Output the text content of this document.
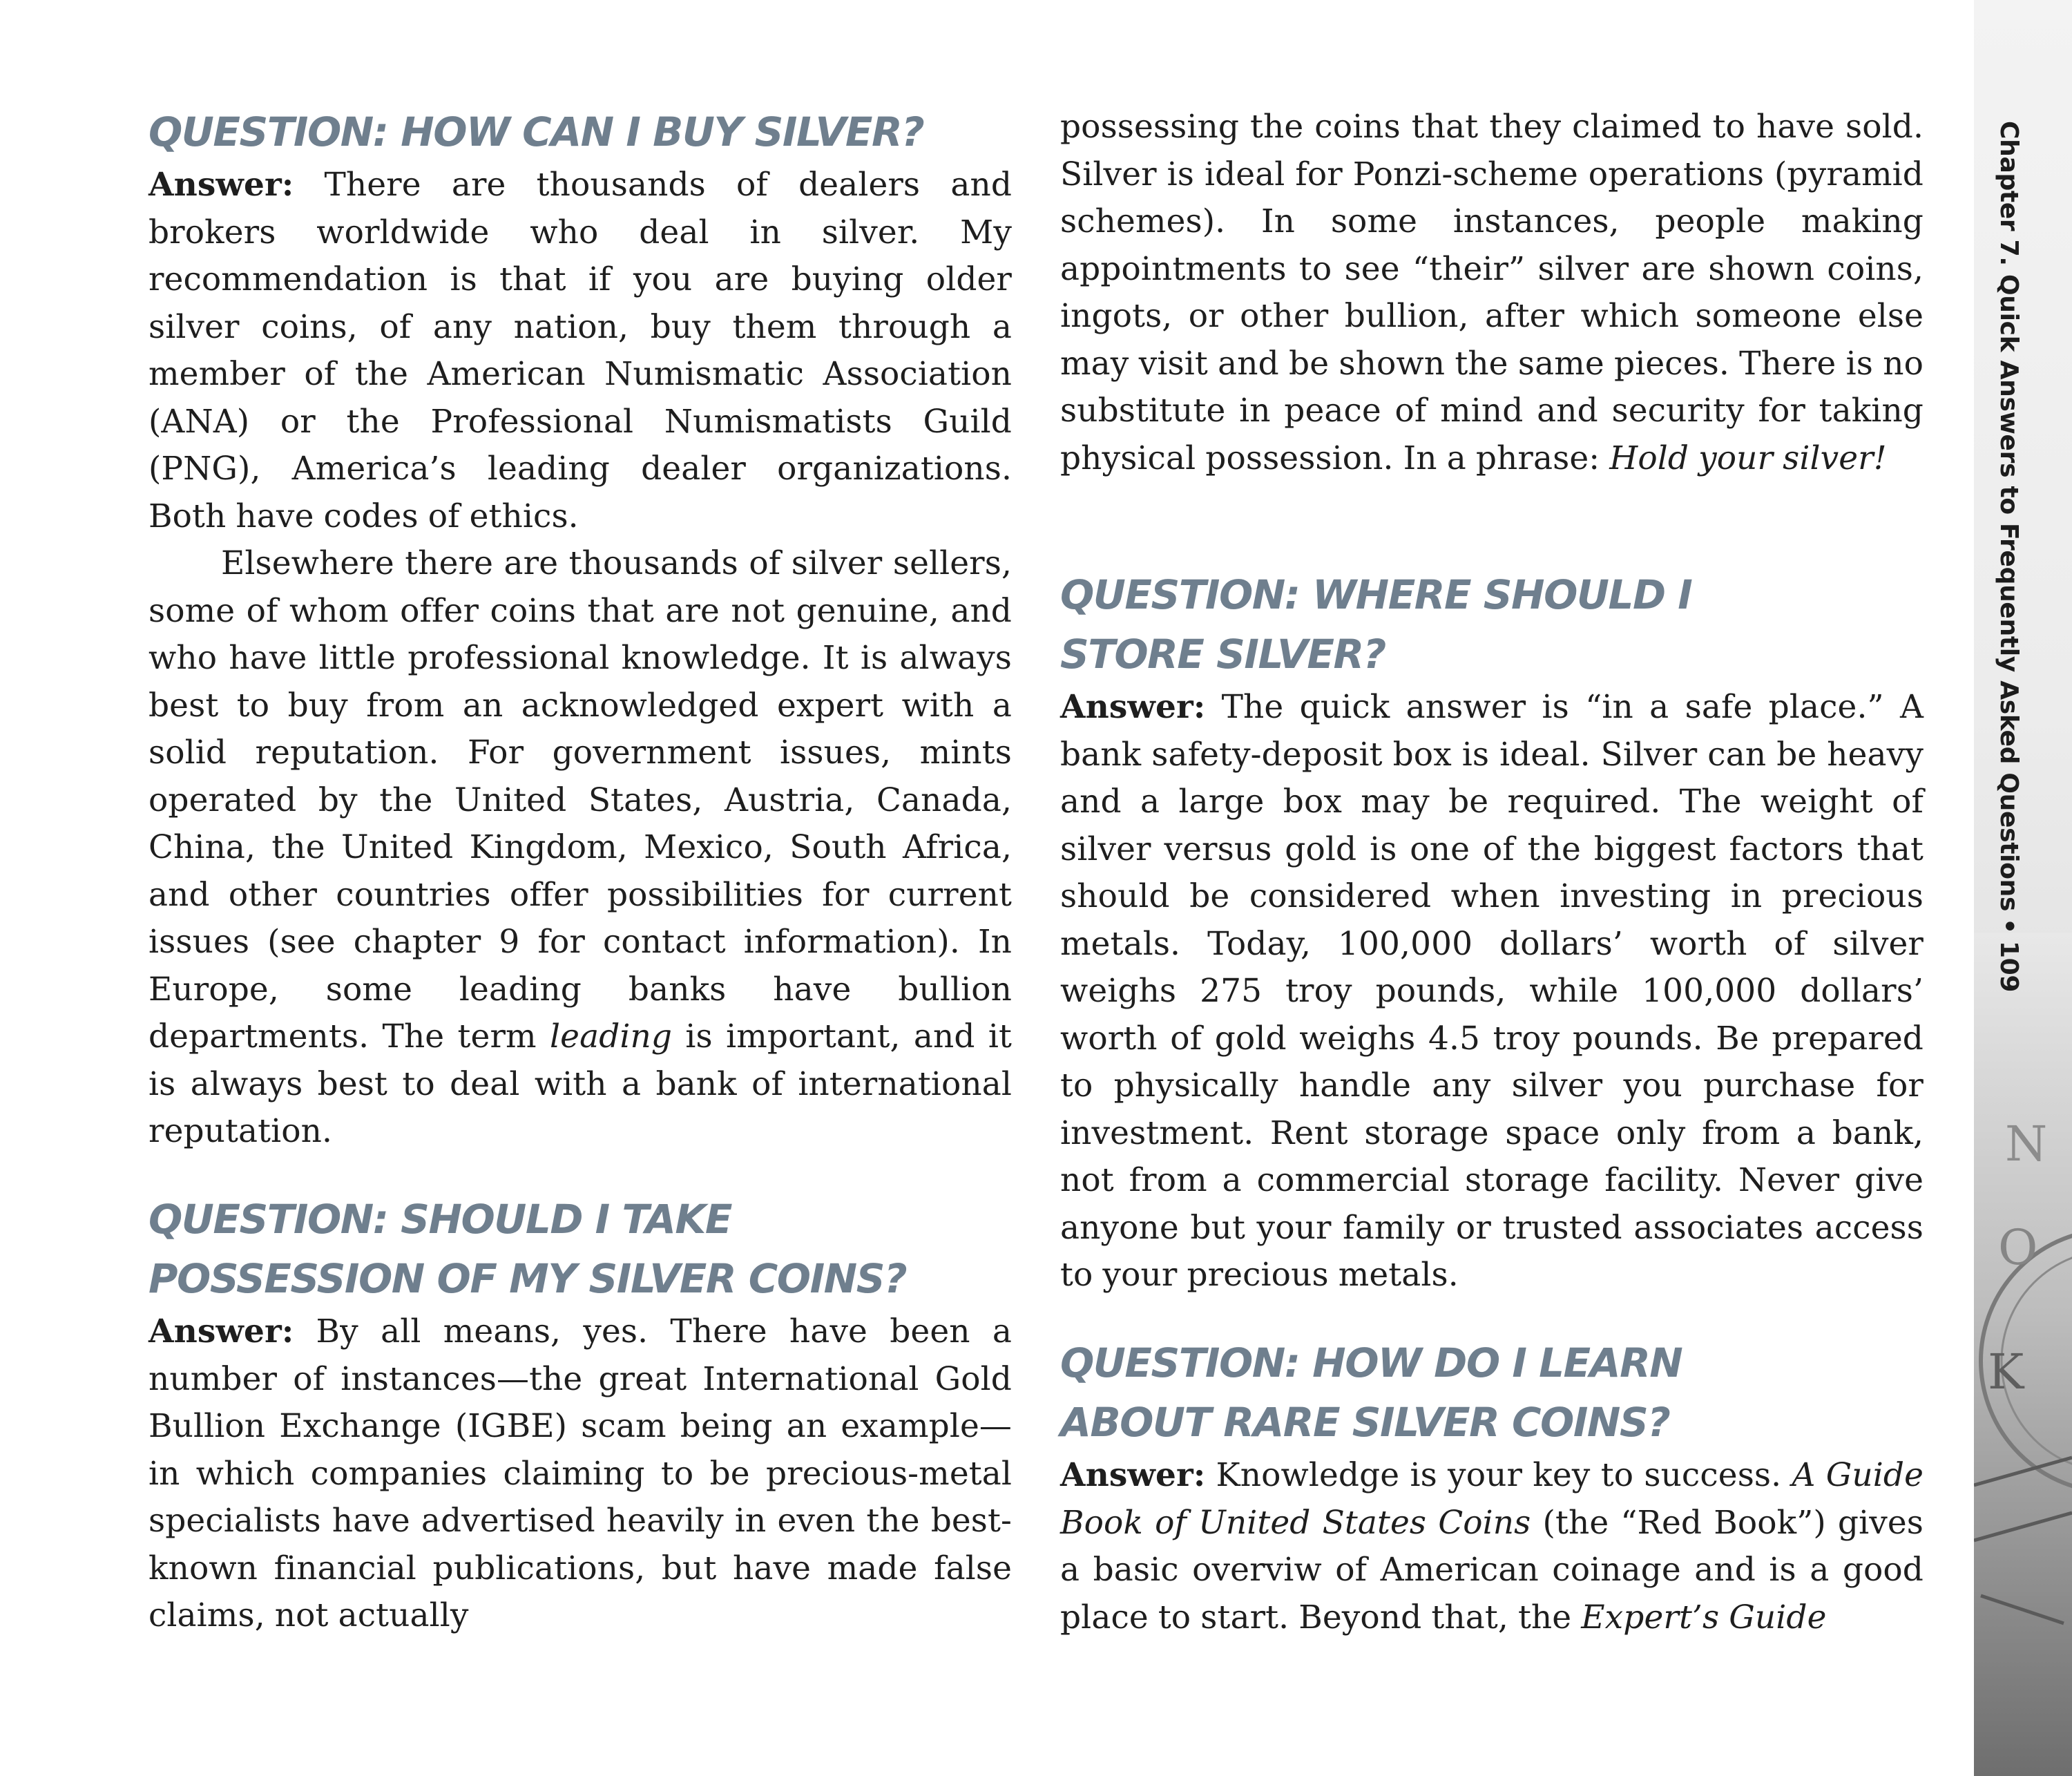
QUESTION: HOW CAN I BUY SILVER?

Answer: There are thousands of dealers and brokers worldwide who deal in silver. My recommendation is that if you are buying older silver coins, of any nation, buy them through a member of the American Numismatic Association (ANA) or the Professional Numismatists Guild (PNG), America’s leading dealer organizations. Both have codes of ethics.

Elsewhere there are thousands of silver sellers, some of whom offer coins that are not genuine, and who have little professional knowledge. It is always best to buy from an acknowledged expert with a solid reputation. For government issues, mints operated by the United States, Austria, Canada, China, the United Kingdom, Mexico, South Africa, and other countries offer possibilities for current issues (see chapter 9 for contact information). In Europe, some leading banks have bullion departments. The term leading is important, and it is always best to deal with a bank of international reputation.

QUESTION: SHOULD I TAKE
POSSESSION OF MY SILVER COINS?

Answer: By all means, yes. There have been a number of instances—the great International Gold Bullion Exchange (IGBE) scam being an example—in which companies claiming to be precious-metal specialists have advertised heavily in even the best-known financial publications, but have made false claims, not actually

possessing the coins that they claimed to have sold. Silver is ideal for Ponzi-scheme operations (pyramid schemes). In some instances, people making appointments to see “their” silver are shown coins, ingots, or other bullion, after which someone else may visit and be shown the same pieces. There is no substitute in peace of mind and security for taking physical possession. In a phrase: Hold your silver!

QUESTION: WHERE SHOULD I
STORE SILVER?

Answer: The quick answer is “in a safe place.” A bank safety-deposit box is ideal. Silver can be heavy and a large box may be required. The weight of silver versus gold is one of the biggest factors that should be considered when investing in precious metals. Today, 100,000 dollars’ worth of silver weighs 275 troy pounds, while 100,000 dollars’ worth of gold weighs 4.5 troy pounds. Be prepared to physically handle any silver you purchase for investment. Rent storage space only from a bank, not from a commercial storage facility. Never give anyone but your family or trusted associates access to your precious metals.

QUESTION: HOW DO I LEARN
ABOUT RARE SILVER COINS?

Answer: Knowledge is your key to success. A Guide Book of United States Coins (the “Red Book”) gives a basic overviw of American coinage and is a good place to start. Beyond that, the Expert’s Guide

N
O
K
Chapter 7. Quick Answers to Frequently Asked Questions•109
